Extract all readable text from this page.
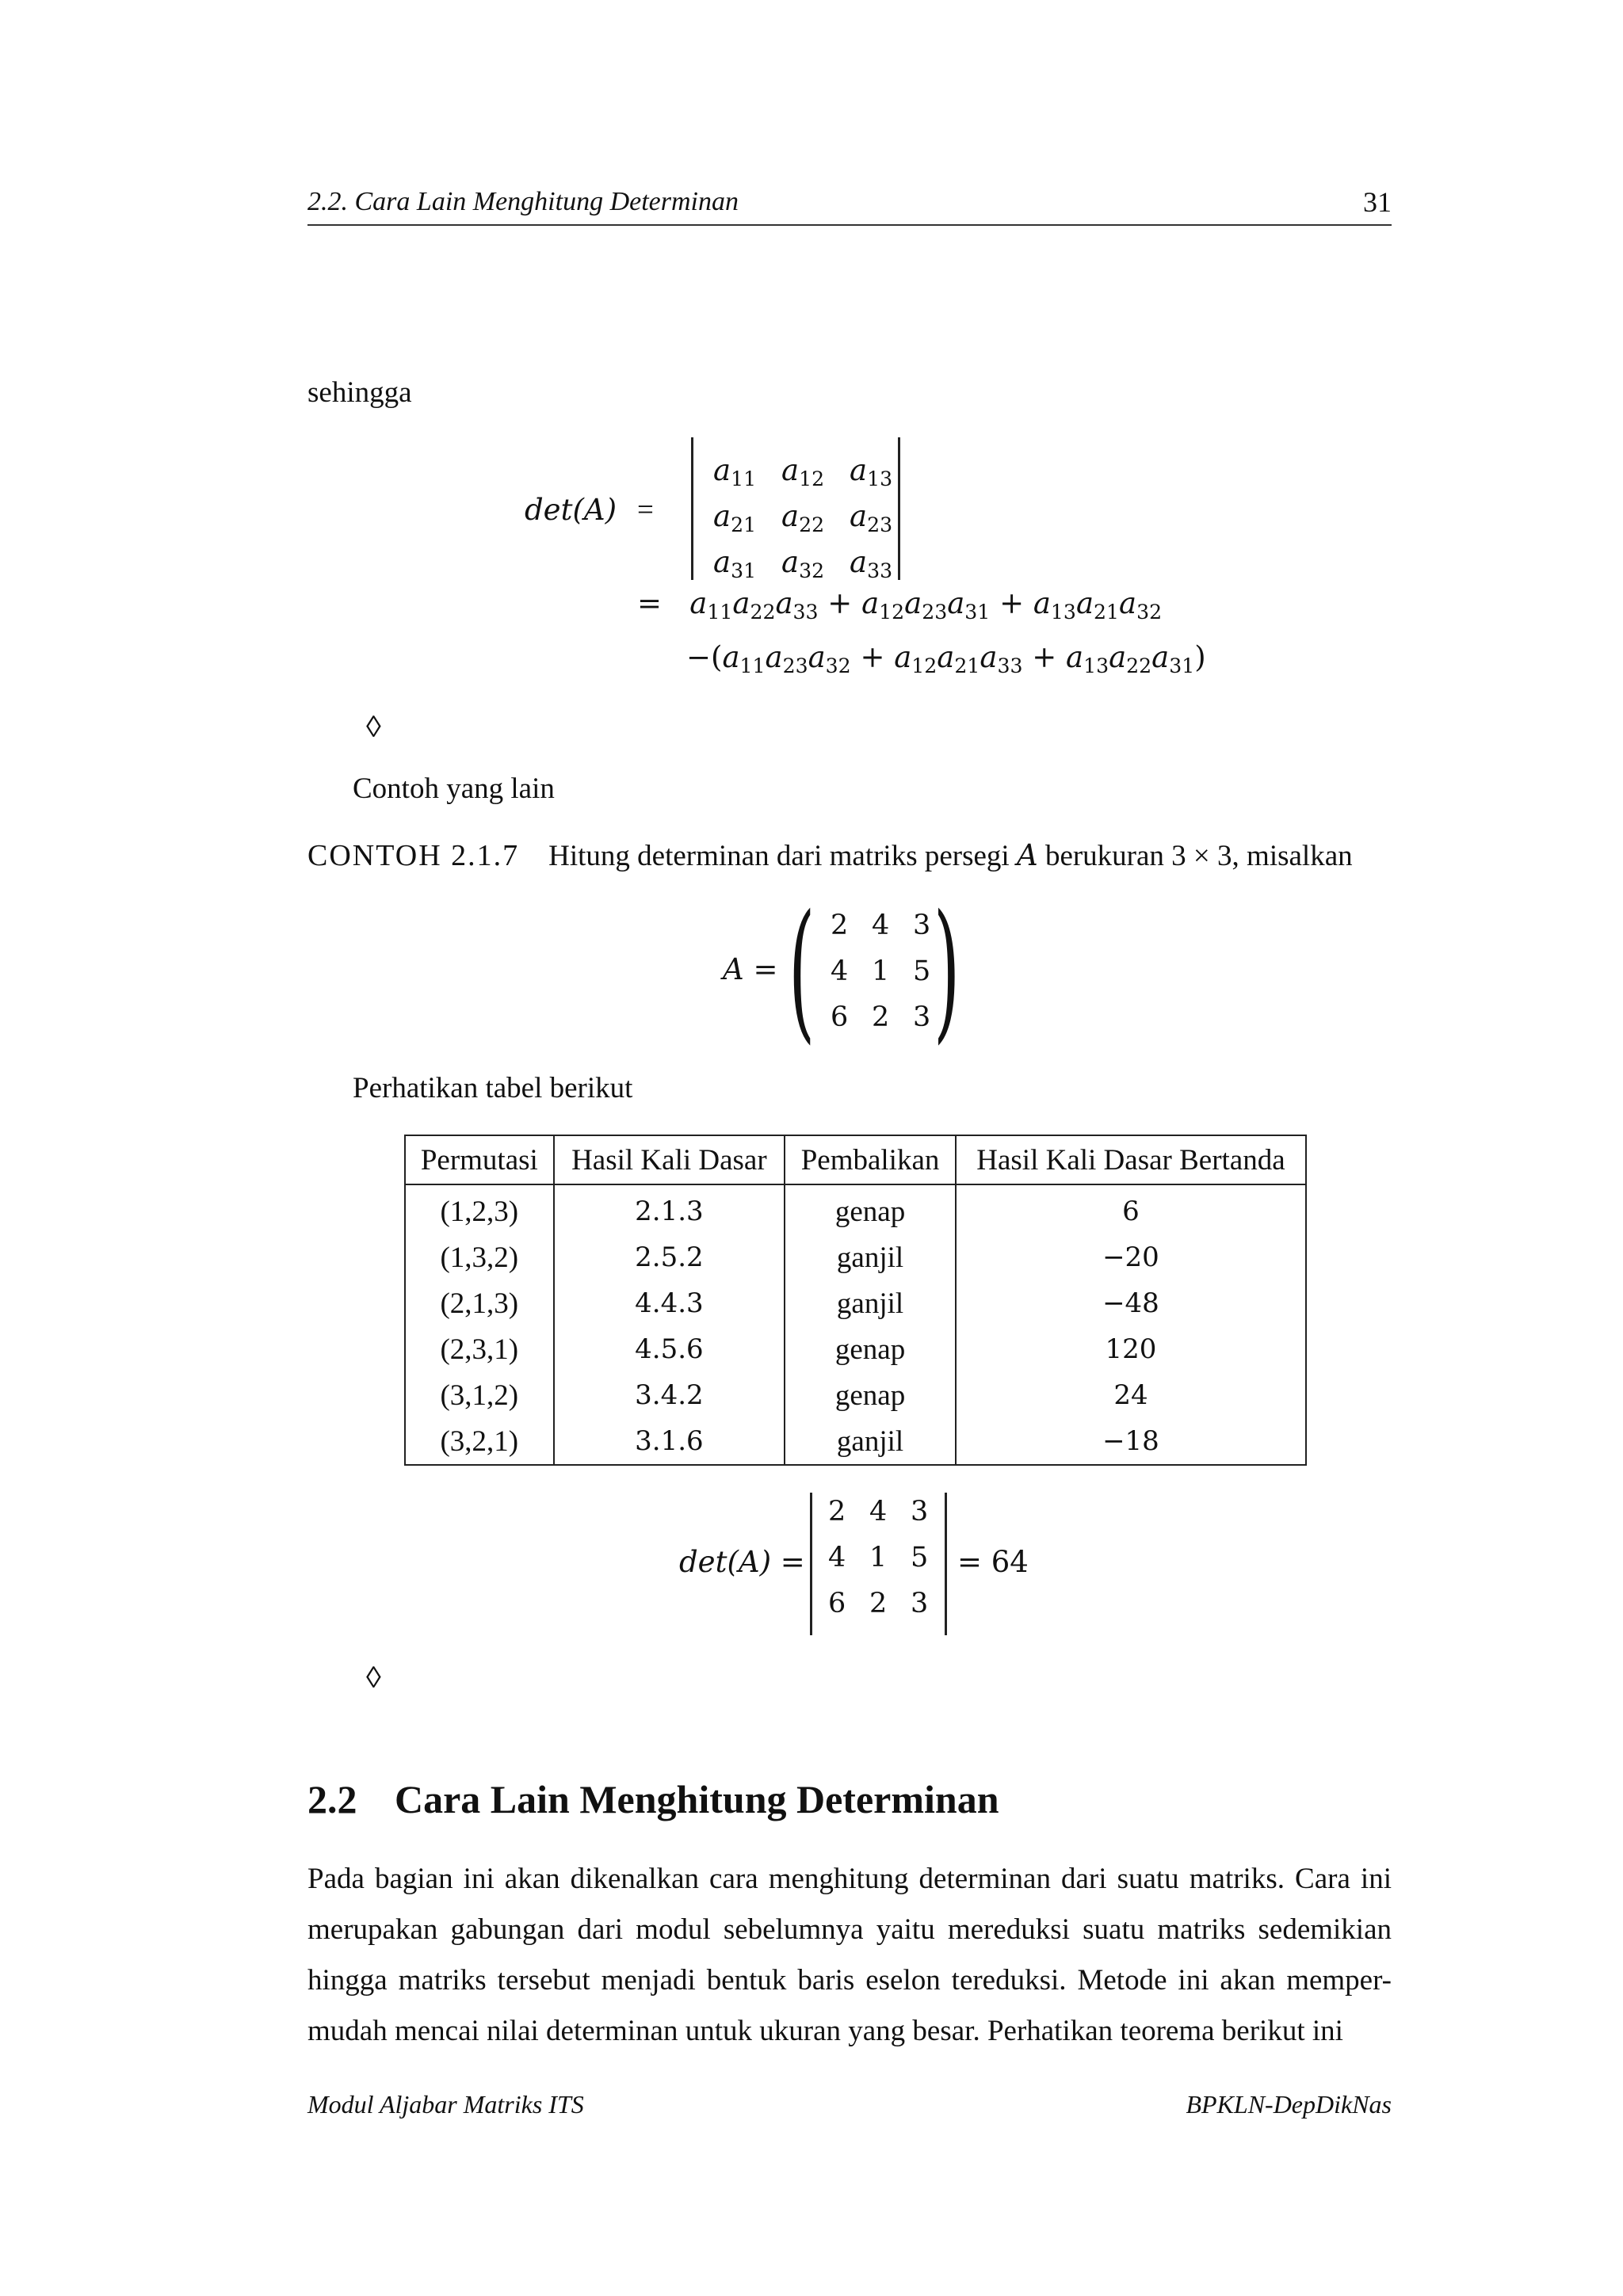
2.2. Cara Lain Menghitung Determinan	31
sehingga
det(A) =
$a_{11}$ $a_{12}$ $a_{13}$
$a_{21}$ $a_{22}$ $a_{23}$
$a_{31}$ $a_{32}$ $a_{33}$
=   $a_{11}a_{22}a_{33} + a_{12}a_{23}a_{31} + a_{13}a_{21}a_{32}$
$-(a_{11}a_{23}a_{32} + a_{12}a_{21}a_{33} + a_{13}a_{22}a_{31})$
◊
Contoh yang lain
CONTOH 2.1.7 Hitung determinan dari matriks persegi A berukuran 3 × 3, misalkan
A = ( )
2 4 3
4 1 5
6 2 3
Perhatikan tabel berikut
Permutasi	Hasil Kali Dasar	Pembalikan	Hasil Kali Dasar Bertanda
(1,2,3)	2.1.3	genap	6
(1,3,2)	2.5.2	ganjil	−20
(2,1,3)	4.4.3	ganjil	−48
(2,3,1)	4.5.6	genap	120
(3,1,2)	3.4.2	genap	24
(3,2,1)	3.1.6	ganjil	−18
det(A) =
2 4 3
4 1 5
6 2 3
= 64
◊
2.2 Cara Lain Menghitung Determinan
Pada bagian ini akan dikenalkan cara menghitung determinan dari suatu matriks. Cara ini
merupakan gabungan dari modul sebelumnya yaitu mereduksi suatu matriks sedemikian
hingga matriks tersebut menjadi bentuk baris eselon tereduksi. Metode ini akan memper-
mudah mencai nilai determinan untuk ukuran yang besar. Perhatikan teorema berikut ini
Modul Aljabar Matriks ITS	BPKLN-DepDikNas
